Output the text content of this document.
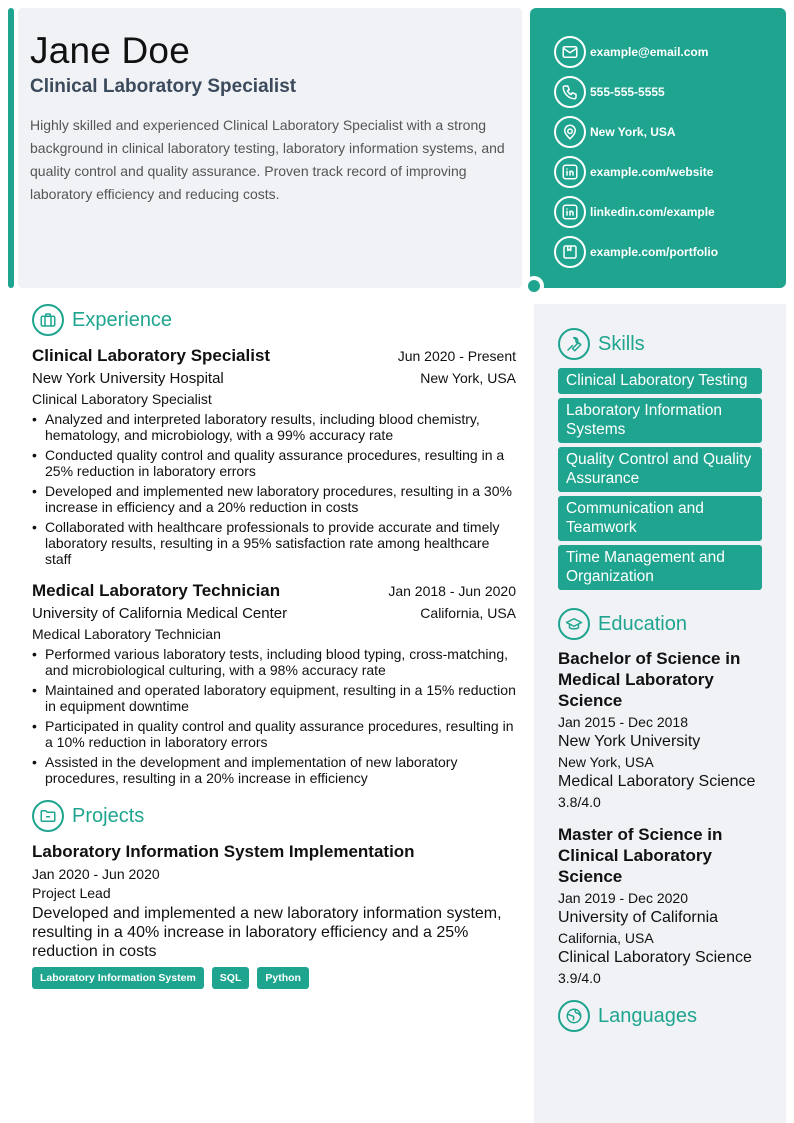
Jane Doe
Clinical Laboratory Specialist

Highly skilled and experienced Clinical Laboratory Specialist with a strong background in clinical laboratory testing, laboratory information systems, and quality control and quality assurance. Proven track record of improving laboratory efficiency and reducing costs.

example@email.com
555-555-5555
New York, USA
example.com/website
linkedin.com/example
example.com/portfolio
Experience
Clinical Laboratory Specialist	Jun 2020 - Present
New York University Hospital	New York, USA
Clinical Laboratory Specialist
• Analyzed and interpreted laboratory results, including blood chemistry, hematology, and microbiology, with a 99% accuracy rate
• Conducted quality control and quality assurance procedures, resulting in a 25% reduction in laboratory errors
• Developed and implemented new laboratory procedures, resulting in a 30% increase in efficiency and a 20% reduction in costs
• Collaborated with healthcare professionals to provide accurate and timely laboratory results, resulting in a 95% satisfaction rate among healthcare staff
Medical Laboratory Technician	Jan 2018 - Jun 2020
University of California Medical Center	California, USA
Medical Laboratory Technician
• Performed various laboratory tests, including blood typing, cross-matching, and microbiological culturing, with a 98% accuracy rate
• Maintained and operated laboratory equipment, resulting in a 15% reduction in equipment downtime
• Participated in quality control and quality assurance procedures, resulting in a 10% reduction in laboratory errors
• Assisted in the development and implementation of new laboratory procedures, resulting in a 20% increase in efficiency
Projects
Laboratory Information System Implementation
Jan 2020 - Jun 2020
Project Lead
Developed and implemented a new laboratory information system, resulting in a 40% increase in laboratory efficiency and a 25% reduction in costs
Laboratory Information System	SQL	Python
Skills
Clinical Laboratory Testing
Laboratory Information Systems
Quality Control and Quality Assurance
Communication and Teamwork
Time Management and Organization
Education
Bachelor of Science in Medical Laboratory Science
Jan 2015 - Dec 2018
New York University
New York, USA
Medical Laboratory Science
3.8/4.0
Master of Science in Clinical Laboratory Science
Jan 2019 - Dec 2020
University of California
California, USA
Clinical Laboratory Science
3.9/4.0
Languages
